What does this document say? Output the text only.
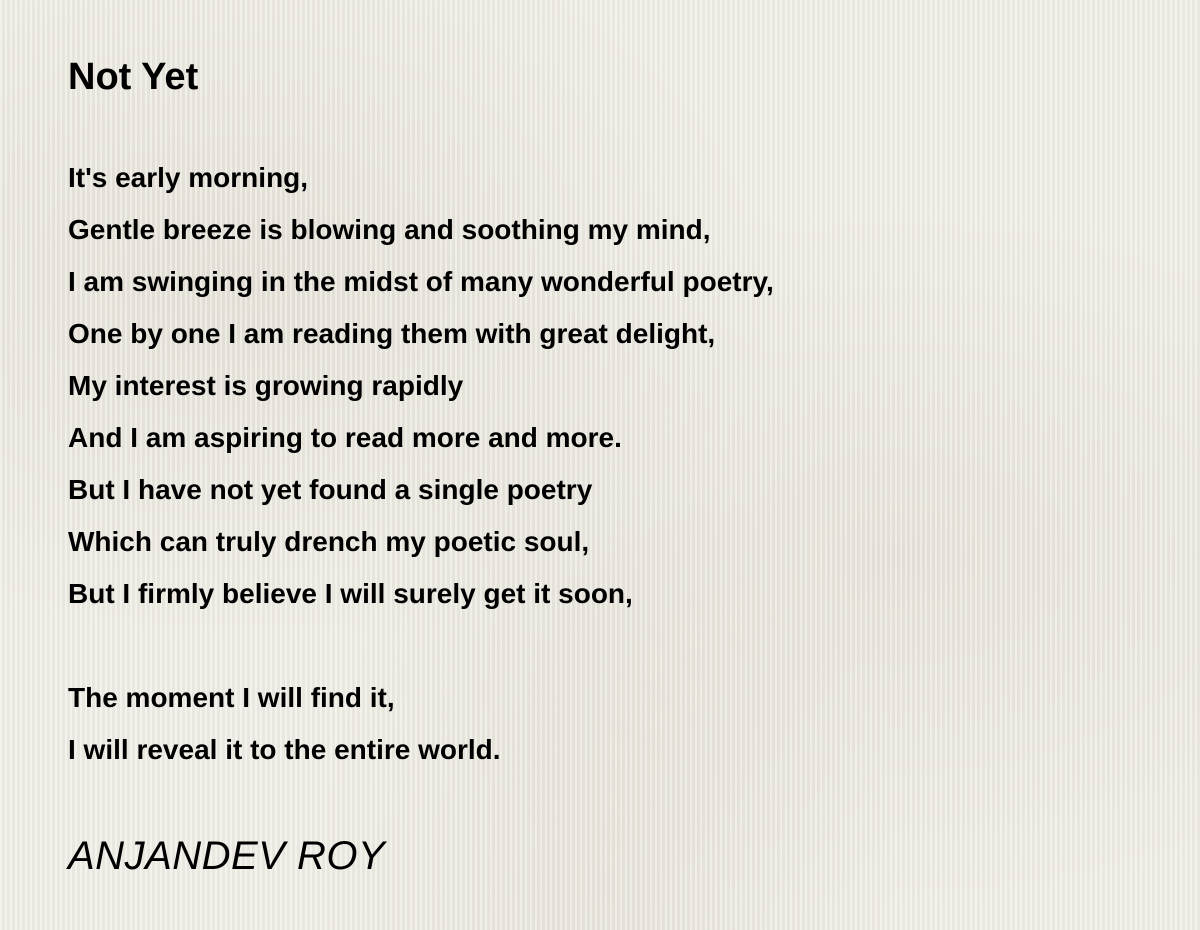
Not Yet
It's early morning,
Gentle breeze is blowing and soothing my mind,
I am swinging in the midst of many wonderful poetry,
One by one I am reading them with great delight,
My interest is growing rapidly
And I am aspiring to read more and more.
But I have not yet found a single poetry
Which can truly drench my poetic soul,
But I firmly believe I will surely get it soon,
The moment I will find it,
I will reveal it to the entire world.
ANJANDEV ROY
